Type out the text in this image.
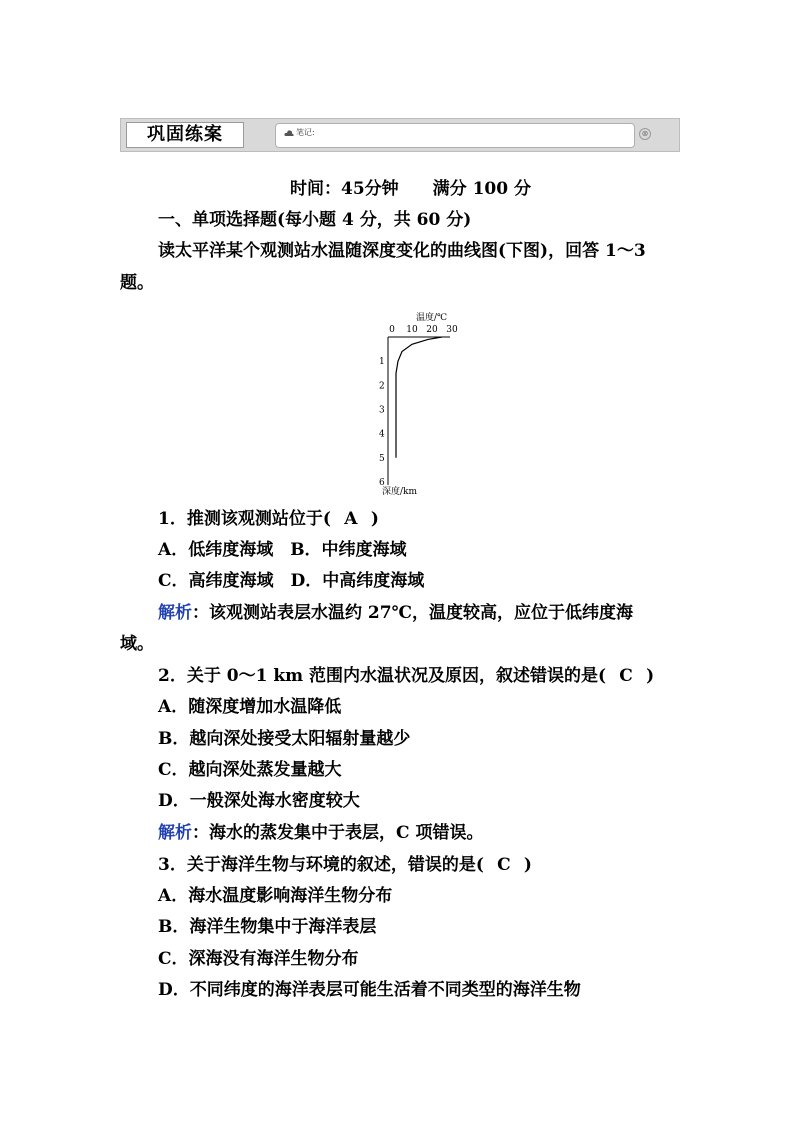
巩固练案	笔记:	⊗
时间：45分钟　　满分 100 分
一、单项选择题(每小题 4 分，共 60 分)
读太平洋某个观测站水温随深度变化的曲线图(下图)，回答 1～3
题。
温度/℃
0 10 20 30
1
2
3
4
5
6
深度/km
1．推测该观测站位于( A )
A．低纬度海域　B．中纬度海域
C．高纬度海域　D．中高纬度海域
解析：该观测站表层水温约 27℃，温度较高，应位于低纬度海
域。
2．关于 0～1 km 范围内水温状况及原因，叙述错误的是( C )
A．随深度增加水温降低
B．越向深处接受太阳辐射量越少
C．越向深处蒸发量越大
D．一般深处海水密度较大
解析：海水的蒸发集中于表层，C 项错误。
3．关于海洋生物与环境的叙述，错误的是( C )
A．海水温度影响海洋生物分布
B．海洋生物集中于海洋表层
C．深海没有海洋生物分布
D．不同纬度的海洋表层可能生活着不同类型的海洋生物
